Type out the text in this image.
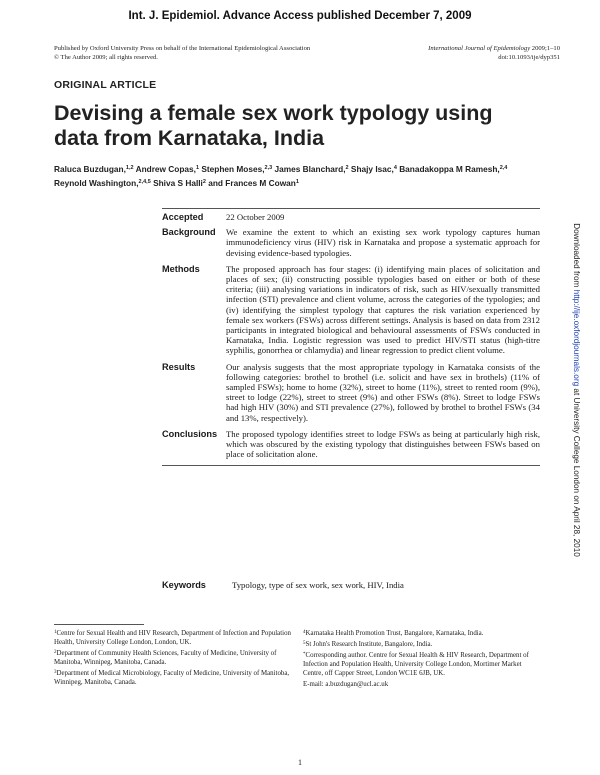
Int. J. Epidemiol. Advance Access published December 7, 2009
Published by Oxford University Press on behalf of the International Epidemiological Association
© The Author 2009; all rights reserved.
International Journal of Epidemiology 2009;1–10
doi:10.1093/ije/dyp351
ORIGINAL ARTICLE
Devising a female sex work typology using data from Karnataka, India
Raluca Buzdugan,$^{1,2}$ Andrew Copas,$^1$ Stephen Moses,$^{2,3}$ James Blanchard,$^2$ Shajy Isac,$^4$ Banadakoppa M Ramesh,$^{2,4}$ Reynold Washington,$^{2,4,5}$ Shiva S Halli$^2$ and Frances M Cowan$^1$
Accepted	22 October 2009
Background	We examine the extent to which an existing sex work typology captures human immunodeficiency virus (HIV) risk in Karnataka and propose a systematic approach for devising evidence-based typologies.
Methods	The proposed approach has four stages: (i) identifying main places of solicitation and places of sex; (ii) constructing possible typologies based on either or both of these criteria; (iii) analysing variations in indicators of risk, such as HIV/sexually transmitted infection (STI) prevalence and client volume, across the categories of the typologies; and (iv) identifying the simplest typology that captures the risk variation experienced by female sex workers (FSWs) across different settings. Analysis is based on data from 2312 participants in integrated biological and behavioural assessments of FSWs conducted in Karnataka, India. Logistic regression was used to predict HIV/STI status (high-titre syphilis, gonorrhea or chlamydia) and linear regression to predict client volume.
Results	Our analysis suggests that the most appropriate typology in Karnataka consists of the following categories: brothel to brothel (i.e. solicit and have sex in brothels) (11% of sampled FSWs); home to home (32%), street to home (11%), street to rented room (9%), street to lodge (22%), street to street (9%) and other FSWs (8%). Street to lodge FSWs had high HIV (30%) and STI prevalence (27%), followed by brothel to brothel FSWs (34 and 13%, respectively).
Conclusions	The proposed typology identifies street to lodge FSWs as being at particularly high risk, which was obscured by the existing typology that distinguishes between FSWs based on place of solicitation alone.
Keywords	Typology, type of sex work, sex work, HIV, India
Downloaded from http://ije.oxfordjournals.org at University College London on April 28, 2010

$^1$Centre for Sexual Health and HIV Research, Department of Infection and Population Health, University College London, London, UK.

$^2$Department of Community Health Sciences, Faculty of Medicine, University of Manitoba, Winnipeg, Manitoba, Canada.

$^3$Department of Medical Microbiology, Faculty of Medicine, University of Manitoba, Winnipeg, Manitoba, Canada.

$^4$Karnataka Health Promotion Trust, Bangalore, Karnataka, India.

$^5$St John's Research Institute, Bangalore, India.

*Corresponding author. Centre for Sexual Health & HIV Research, Department of Infection and Population Health, University College London, Mortimer Market Centre, off Capper Street, London WC1E 6JB, UK.

E-mail: a.buzdugan@ucl.ac.uk

1
